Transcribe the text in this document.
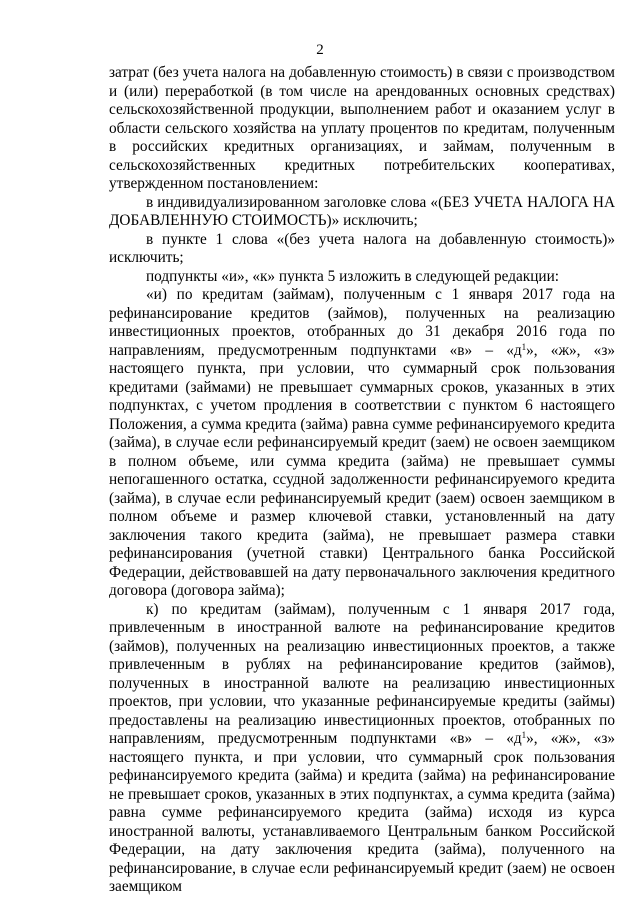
2

затрат (без учета налога на добавленную стоимость) в связи с производством и (или) переработкой (в том числе на арендованных основных средствах) сельскохозяйственной продукции, выполнением работ и оказанием услуг в области сельского хозяйства на уплату процентов по кредитам, полученным в российских кредитных организациях, и займам, полученным в сельскохозяйственных кредитных потребительских кооперативах, утвержденном постановлением:

в индивидуализированном заголовке слова «(БЕЗ УЧЕТА НАЛОГА НА ДОБАВЛЕННУЮ СТОИМОСТЬ)» исключить;

в пункте 1 слова «(без учета налога на добавленную стоимость)» исключить;

подпункты «и», «к» пункта 5 изложить в следующей редакции:

«и) по кредитам (займам), полученным с 1 января 2017 года на рефинансирование кредитов (займов), полученных на реализацию инвестиционных проектов, отобранных до 31 декабря 2016 года по направлениям, предусмотренным подпунктами «в» – «$д^1$», «ж», «з» настоящего пункта, при условии, что суммарный срок пользования кредитами (займами) не превышает суммарных сроков, указанных в этих подпунктах, с учетом продления в соответствии с пунктом 6 настоящего Положения, а сумма кредита (займа) равна сумме рефинансируемого кредита (займа), в случае если рефинансируемый кредит (заем) не освоен заемщиком в полном объеме, или сумма кредита (займа) не превышает суммы непогашенного остатка, ссудной задолженности рефинансируемого кредита (займа), в случае если рефинансируемый кредит (заем) освоен заемщиком в полном объеме и размер ключевой ставки, установленный на дату заключения такого кредита (займа), не превышает размера ставки рефинансирования (учетной ставки) Центрального банка Российской Федерации, действовавшей на дату первоначального заключения кредитного договора (договора займа);

к) по кредитам (займам), полученным с 1 января 2017 года, привлеченным в иностранной валюте на рефинансирование кредитов (займов), полученных на реализацию инвестиционных проектов, а также привлеченным в рублях на рефинансирование кредитов (займов), полученных в иностранной валюте на реализацию инвестиционных проектов, при условии, что указанные рефинансируемые кредиты (займы) предоставлены на реализацию инвестиционных проектов, отобранных по направлениям, предусмотренным подпунктами «в» – «$д^1$», «ж», «з» настоящего пункта, и при условии, что суммарный срок пользования рефинансируемого кредита (займа) и кредита (займа) на рефинансирование не превышает сроков, указанных в этих подпунктах, а сумма кредита (займа) равна сумме рефинансируемого кредита (займа) исходя из курса иностранной валюты, устанавливаемого Центральным банком Российской Федерации, на дату заключения кредита (займа), полученного на рефинансирование, в случае если рефинансируемый кредит (заем) не освоен заемщиком
